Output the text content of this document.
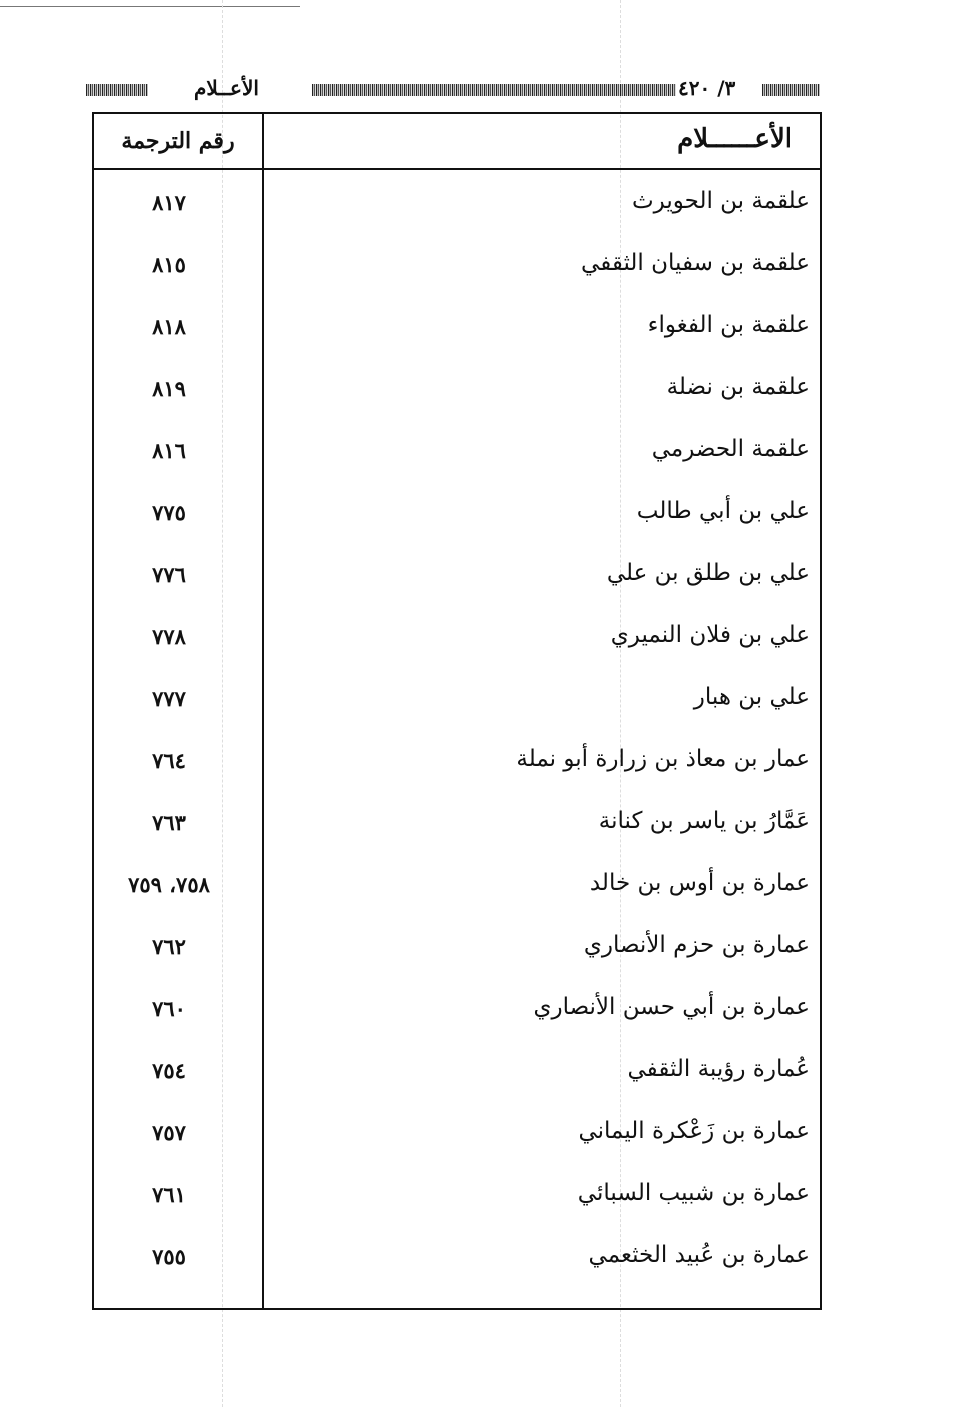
الأعــلام	٣/ ٤٢٠
الأعــــــلام
رقم الترجمة
علقمة بن الحويرث
٨١٧
علقمة بن سفيان الثقفي
٨١٥
علقمة بن الفغواء
٨١٨
علقمة بن نضلة
٨١٩
علقمة الحضرمي
٨١٦
علي بن أبي طالب
٧٧٥
علي بن طلق بن علي
٧٧٦
علي بن فلان النميري
٧٧٨
علي بن هبار
٧٧٧
عمار بن معاذ بن زرارة أبو نملة
٧٦٤
عَمَّارُ بن ياسر بن كنانة
٧٦٣
عمارة بن أوس بن خالد
٧٥٨، ٧٥٩
عمارة بن حزم الأنصاري
٧٦٢
عمارة بن أبي حسن الأنصاري
٧٦٠
عُمارة رؤيبة الثقفي
٧٥٤
عمارة بن زَعْكرة اليماني
٧٥٧
عمارة بن شبيب السبائي
٧٦١
عمارة بن عُبيد الخثعمي
٧٥٥
